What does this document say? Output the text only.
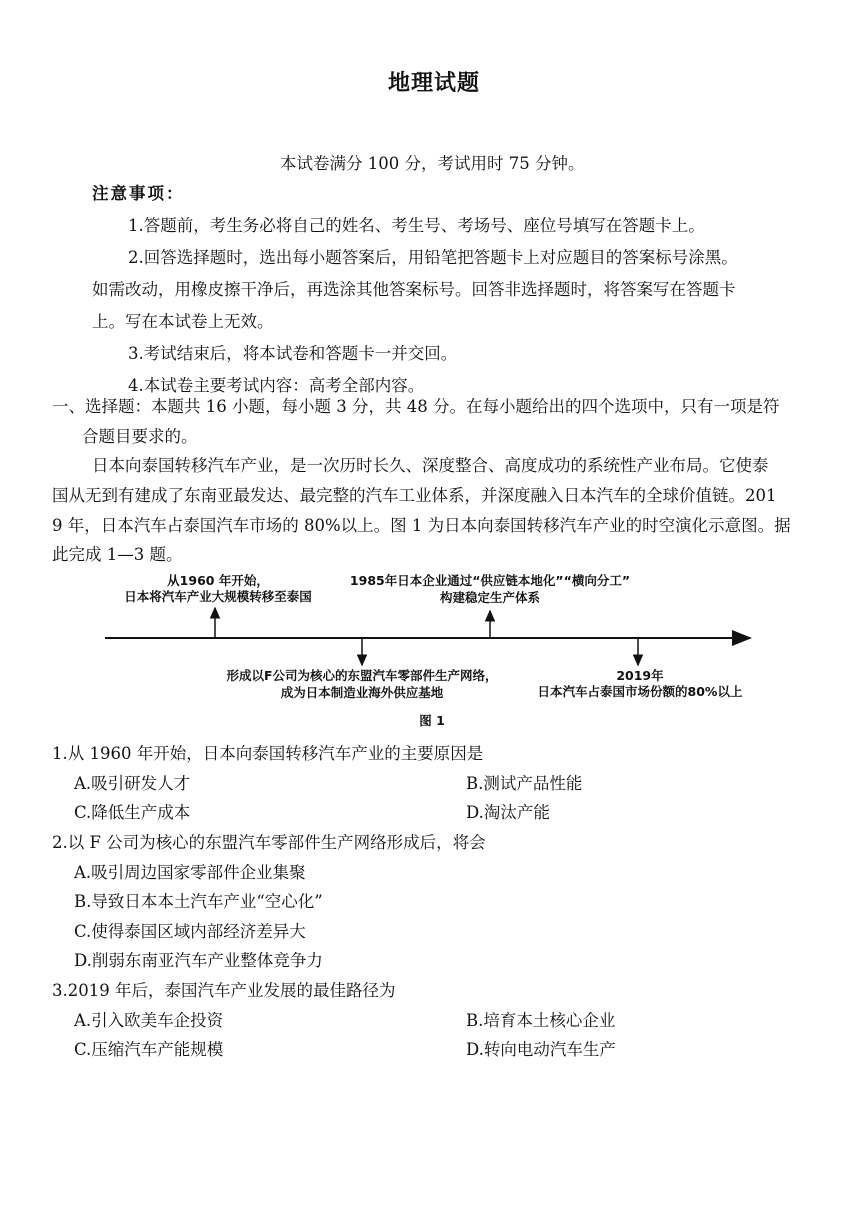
地理试题
本试卷满分 100 分，考试用时 75 分钟。
注意事项：
1.答题前，考生务必将自己的姓名、考生号、考场号、座位号填写在答题卡上。
2.回答选择题时，选出每小题答案后，用铅笔把答题卡上对应题目的答案标号涂黑。
如需改动，用橡皮擦干净后，再选涂其他答案标号。回答非选择题时，将答案写在答题卡
上。写在本试卷上无效。
3.考试结束后，将本试卷和答题卡一并交回。
4.本试卷主要考试内容：高考全部内容。
一、选择题：本题共 16 小题，每小题 3 分，共 48 分。在每小题给出的四个选项中，只有一项是符
合题目要求的。
日本向泰国转移汽车产业，是一次历时长久、深度整合、高度成功的系统性产业布局。它使泰
国从无到有建成了东南亚最发达、最完整的汽车工业体系，并深度融入日本汽车的全球价值链。201
9 年，日本汽车占泰国汽车市场的 80%以上。图 1 为日本向泰国转移汽车产业的时空演化示意图。据
此完成 1—3 题。
从1960 年开始，
日本将汽车产业大规模转移至泰国
1985年日本企业通过“供应链本地化”“横向分工”
构建稳定生产体系
形成以F公司为核心的东盟汽车零部件生产网络，
成为日本制造业海外供应基地
2019年
日本汽车占泰国市场份额的80%以上
图 1
1.从 1960 年开始，日本向泰国转移汽车产业的主要原因是
A.吸引研发人才	B.测试产品性能
C.降低生产成本	D.淘汰产能
2.以 F 公司为核心的东盟汽车零部件生产网络形成后，将会
A.吸引周边国家零部件企业集聚
B.导致日本本土汽车产业“空心化”
C.使得泰国区域内部经济差异大
D.削弱东南亚汽车产业整体竞争力
3.2019 年后，泰国汽车产业发展的最佳路径为
A.引入欧美车企投资	B.培育本土核心企业
C.压缩汽车产能规模	D.转向电动汽车生产
